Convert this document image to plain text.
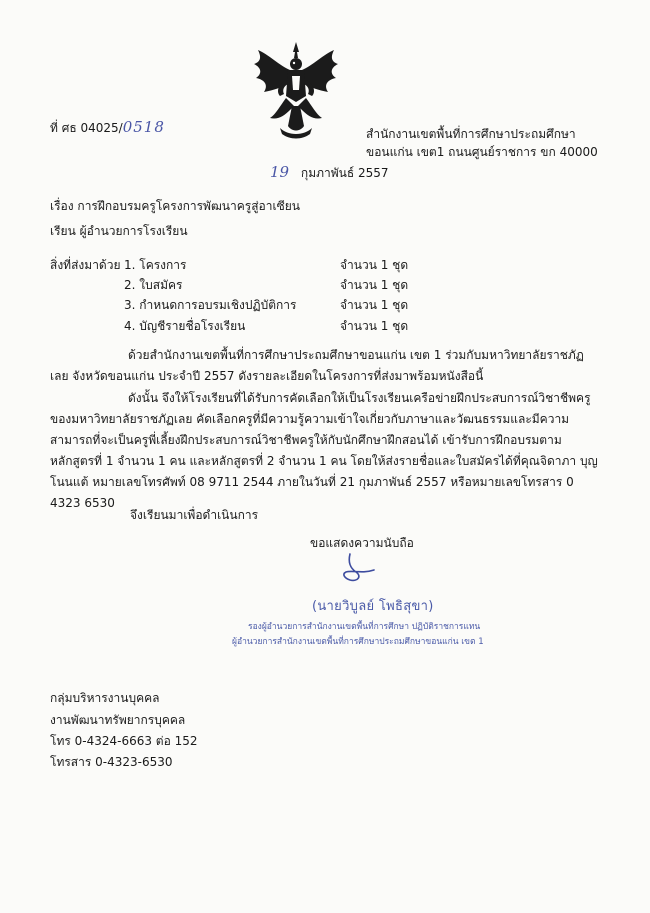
ที่ ศธ 04025/0518	สำนักงานเขตพื้นที่การศึกษาประถมศึกษา
ขอนแก่น เขต1 ถนนศูนย์ราชการ ขก 40000
19 กุมภาพันธ์ 2557
เรื่อง การฝึกอบรมครูโครงการพัฒนาครูสู่อาเซียน
เรียน ผู้อำนวยการโรงเรียน
สิ่งที่ส่งมาด้วย 1. โครงการ	จำนวน 1 ชุด
2. ใบสมัคร	จำนวน 1 ชุด
3. กำหนดการอบรมเชิงปฏิบัติการ	จำนวน 1 ชุด
4. บัญชีรายชื่อโรงเรียน	จำนวน 1 ชุด
ด้วยสำนักงานเขตพื้นที่การศึกษาประถมศึกษาขอนแก่น เขต 1 ร่วมกับมหาวิทยาลัยราชภัฏเลย จังหวัดขอนแก่น ประจำปี 2557 ดังรายละเอียดในโครงการที่ส่งมาพร้อมหนังสือนี้
ดังนั้น จึงให้โรงเรียนที่ได้รับการคัดเลือกให้เป็นโรงเรียนเครือข่ายฝึกประสบการณ์วิชาชีพครูของมหาวิทยาลัยราชภัฏเลย คัดเลือกครูที่มีความรู้ความเข้าใจเกี่ยวกับภาษาและวัฒนธรรมและมีความสามารถที่จะเป็นครูพี่เลี้ยงฝึกประสบการณ์วิชาชีพครูให้กับนักศึกษาฝึกสอนได้ เข้ารับการฝึกอบรมตามหลักสูตรที่ 1 จำนวน 1 คน และหลักสูตรที่ 2 จำนวน 1 คน โดยให้ส่งรายชื่อและใบสมัครได้ที่คุณจิดาภา บุญโนนแต้ หมายเลขโทรศัพท์ 08 9711 2544 ภายในวันที่ 21 กุมภาพันธ์ 2557 หรือหมายเลขโทรสาร 0 4323 6530
จึงเรียนมาเพื่อดำเนินการ
ขอแสดงความนับถือ
(นายวิบูลย์ โพธิสุขา)
รองผู้อำนวยการสำนักงานเขตพื้นที่การศึกษา ปฏิบัติราชการแทน
ผู้อำนวยการสำนักงานเขตพื้นที่การศึกษาประถมศึกษาขอนแก่น เขต 1
กลุ่มบริหารงานบุคคล
งานพัฒนาทรัพยากรบุคคล
โทร 0-4324-6663 ต่อ 152
โทรสาร 0-4323-6530
